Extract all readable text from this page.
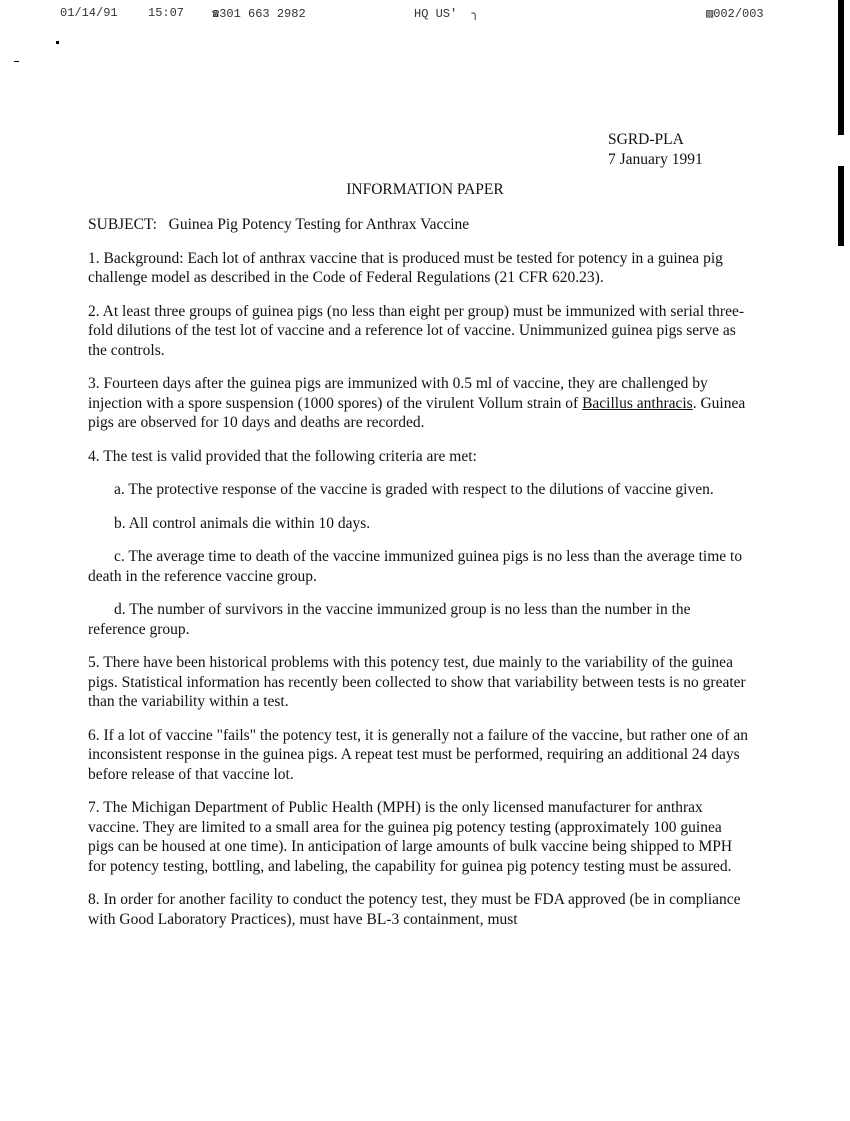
01/14/91	15:07 ☎301 663 2982	HQ US'  ╮	▨002/003
SGRD-PLA
7 January 1991
INFORMATION PAPER

SUBJECT: Guinea Pig Potency Testing for Anthrax Vaccine

1. Background: Each lot of anthrax vaccine that is produced must be tested for potency in a guinea pig challenge model as described in the Code of Federal Regulations (21 CFR 620.23).

2. At least three groups of guinea pigs (no less than eight per group) must be immunized with serial three-fold dilutions of the test lot of vaccine and a reference lot of vaccine. Unimmunized guinea pigs serve as the controls.

3. Fourteen days after the guinea pigs are immunized with 0.5 ml of vaccine, they are challenged by injection with a spore suspension (1000 spores) of the virulent Vollum strain of Bacillus anthracis. Guinea pigs are observed for 10 days and deaths are recorded.

4. The test is valid provided that the following criteria are met:

a. The protective response of the vaccine is graded with respect to the dilutions of vaccine given.

b. All control animals die within 10 days.

c. The average time to death of the vaccine immunized guinea pigs is no less than the average time to death in the reference vaccine group.

d. The number of survivors in the vaccine immunized group is no less than the number in the reference group.

5. There have been historical problems with this potency test, due mainly to the variability of the guinea pigs. Statistical information has recently been collected to show that variability between tests is no greater than the variability within a test.

6. If a lot of vaccine "fails" the potency test, it is generally not a failure of the vaccine, but rather one of an inconsistent response in the guinea pigs. A repeat test must be performed, requiring an additional 24 days before release of that vaccine lot.

7. The Michigan Department of Public Health (MPH) is the only licensed manufacturer for anthrax vaccine. They are limited to a small area for the guinea pig potency testing (approximately 100 guinea pigs can be housed at one time). In anticipation of large amounts of bulk vaccine being shipped to MPH for potency testing, bottling, and labeling, the capability for guinea pig potency testing must be assured.

8. In order for another facility to conduct the potency test, they must be FDA approved (be in compliance with Good Laboratory Practices), must have BL-3 containment, must
